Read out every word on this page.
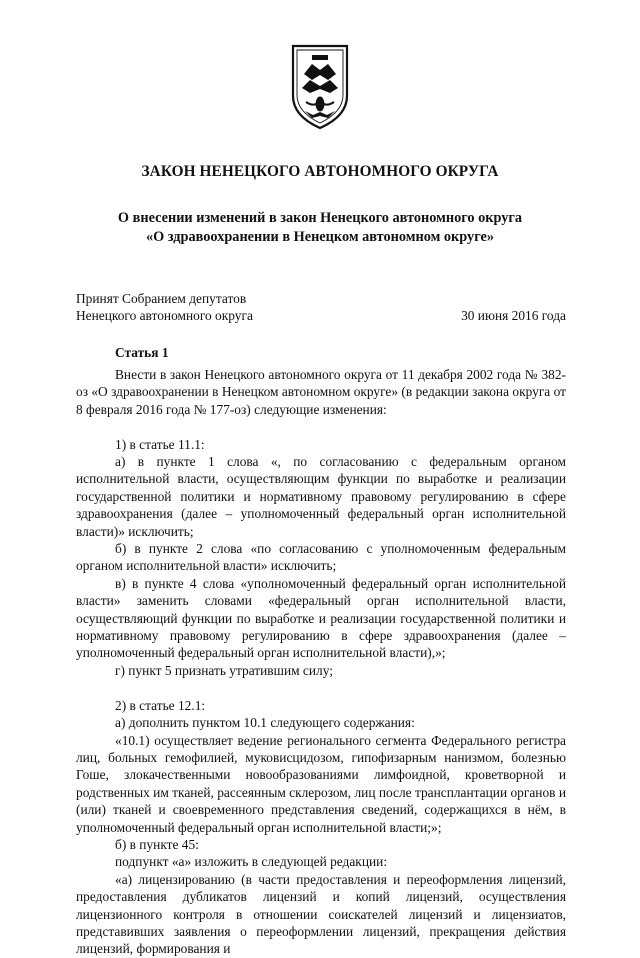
ЗАКОН НЕНЕЦКОГО АВТОНОМНОГО ОКРУГА
О внесении изменений в закон Ненецкого автономного округа
«О здравоохранении в Ненецком автономном округе»
Принят Собранием депутатов
Ненецкого автономного округа	30 июня 2016 года
Статья 1

Внести в закон Ненецкого автономного округа от 11 декабря 2002 года № 382-оз «О здравоохранении в Ненецком автономном округе» (в редакции закона округа от 8 февраля 2016 года № 177-оз) следующие изменения:

1) в статье 11.1:

а) в пункте 1 слова «, по согласованию с федеральным органом исполнительной власти, осуществляющим функции по выработке и реализации государственной политики и нормативному правовому регулированию в сфере здравоохранения (далее – уполномоченный федеральный орган исполнительной власти)» исключить;

б) в пункте 2 слова «по согласованию с уполномоченным федеральным органом исполнительной власти» исключить;

в) в пункте 4 слова «уполномоченный федеральный орган исполнительной власти» заменить словами «федеральный орган исполнительной власти, осуществляющий функции по выработке и реализации государственной политики и нормативному правовому регулированию в сфере здравоохранения (далее – уполномоченный федеральный орган исполнительной власти),»;

г) пункт 5 признать утратившим силу;

2) в статье 12.1:

а) дополнить пунктом 10.1 следующего содержания:

«10.1) осуществляет ведение регионального сегмента Федерального регистра лиц, больных гемофилией, муковисцидозом, гипофизарным нанизмом, болезнью Гоше, злокачественными новообразованиями лимфоидной, кроветворной и родственных им тканей, рассеянным склерозом, лиц после трансплантации органов и (или) тканей и своевременного представления сведений, содержащихся в нём, в уполномоченный федеральный орган исполнительной власти;»;

б) в пункте 45:

подпункт «а» изложить в следующей редакции:

«а) лицензированию (в части предоставления и переоформления лицензий, предоставления дубликатов лицензий и копий лицензий, осуществления лицензионного контроля в отношении соискателей лицензий и лицензиатов, представивших заявления о переоформлении лицензий, прекращения действия лицензий, формирования и
